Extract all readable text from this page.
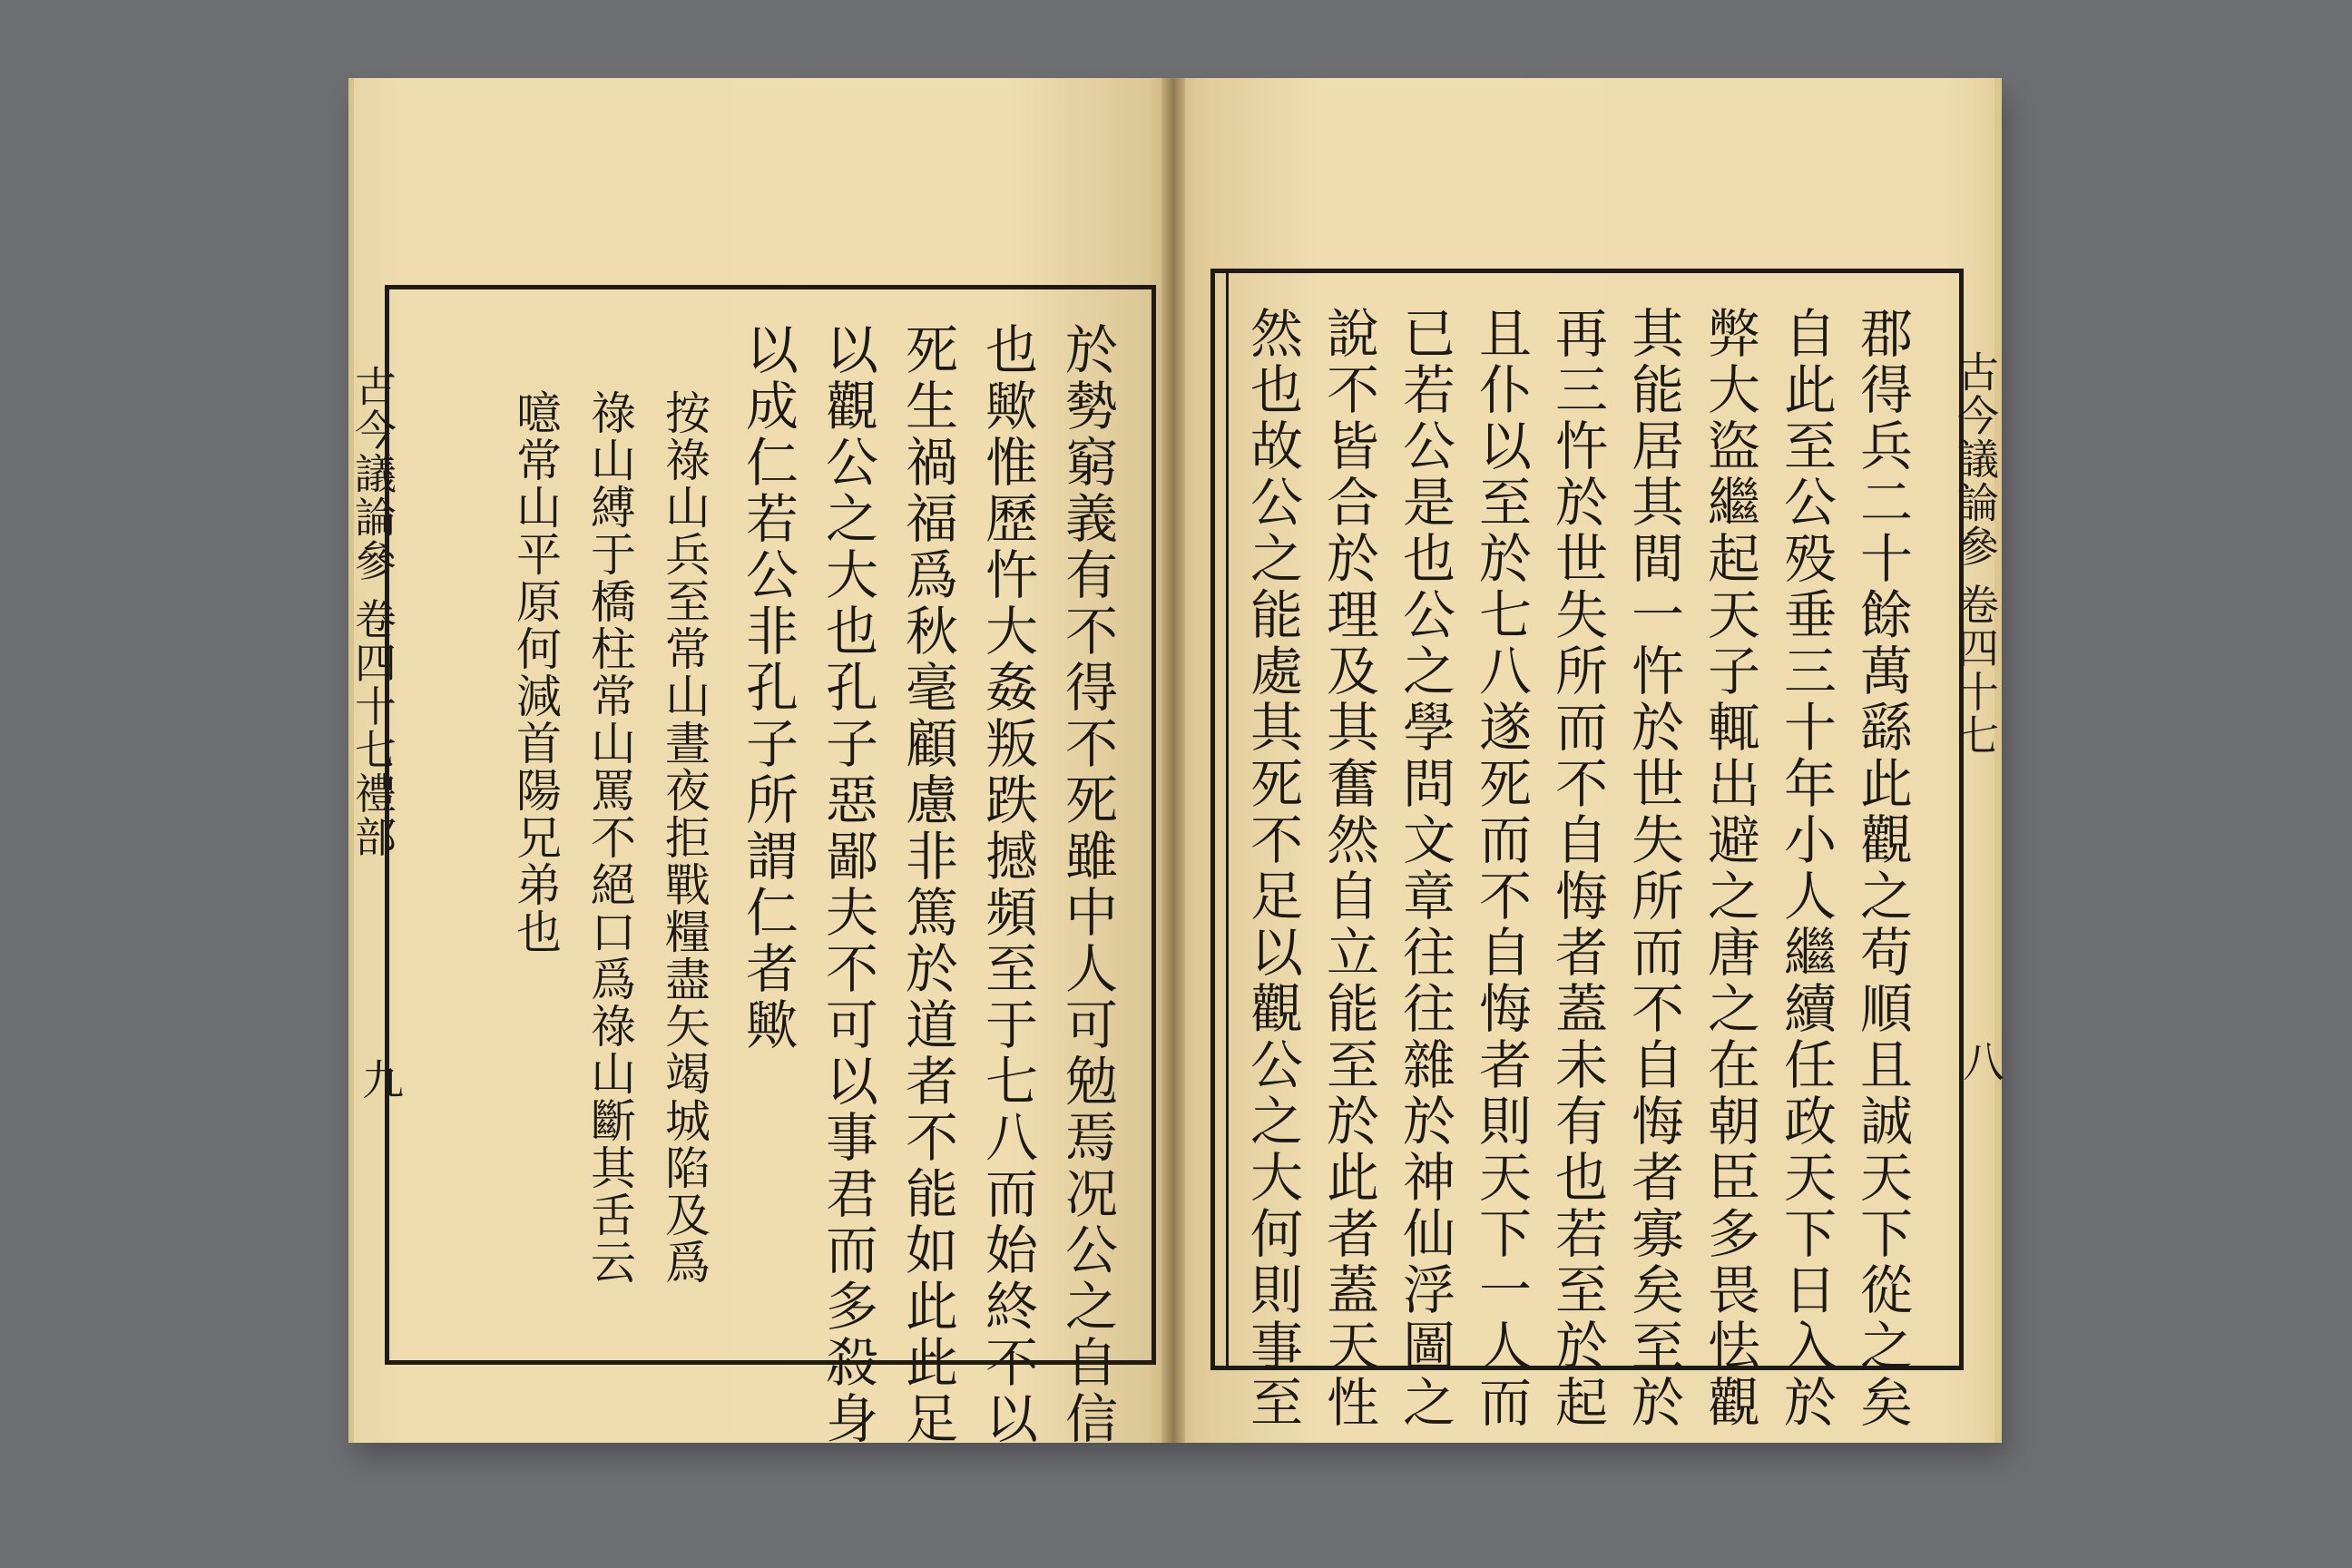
古今議論參 卷四十七禮部
九
古今議論參 卷四十七
八
於勢窮義有不得不死雖中人可勉焉况公之自信
也歟惟歷忤大姦叛跌撼頻至于七八而始終不以
死生禍福爲秋毫顧慮非篤於道者不能如此此足
以觀公之大也孔子惡鄙夫不可以事君而多殺身
以成仁若公非孔子所謂仁者歟
按祿山兵至常山晝夜拒戰糧盡矢竭城陷及爲
祿山縛于橋柱常山罵不絕口爲祿山斷其舌云
噫常山平原何減首陽兄弟也	郡得兵二十餘萬繇此觀之苟順且誠天下從之矣
自此至公殁垂三十年小人繼續任政天下日入於
弊大盜繼起天子輒出避之唐之在朝臣多畏怯觀
其能居其間一忤於世失所而不自悔者寡矣至於
再三忤於世失所而不自悔者蓋未有也若至於起
且仆以至於七八遂死而不自悔者則天下一人而
已若公是也公之學問文章往往雜於神仙浮圖之
說不皆合於理及其奮然自立能至於此者蓋天性
然也故公之能處其死不足以觀公之大何則事至
